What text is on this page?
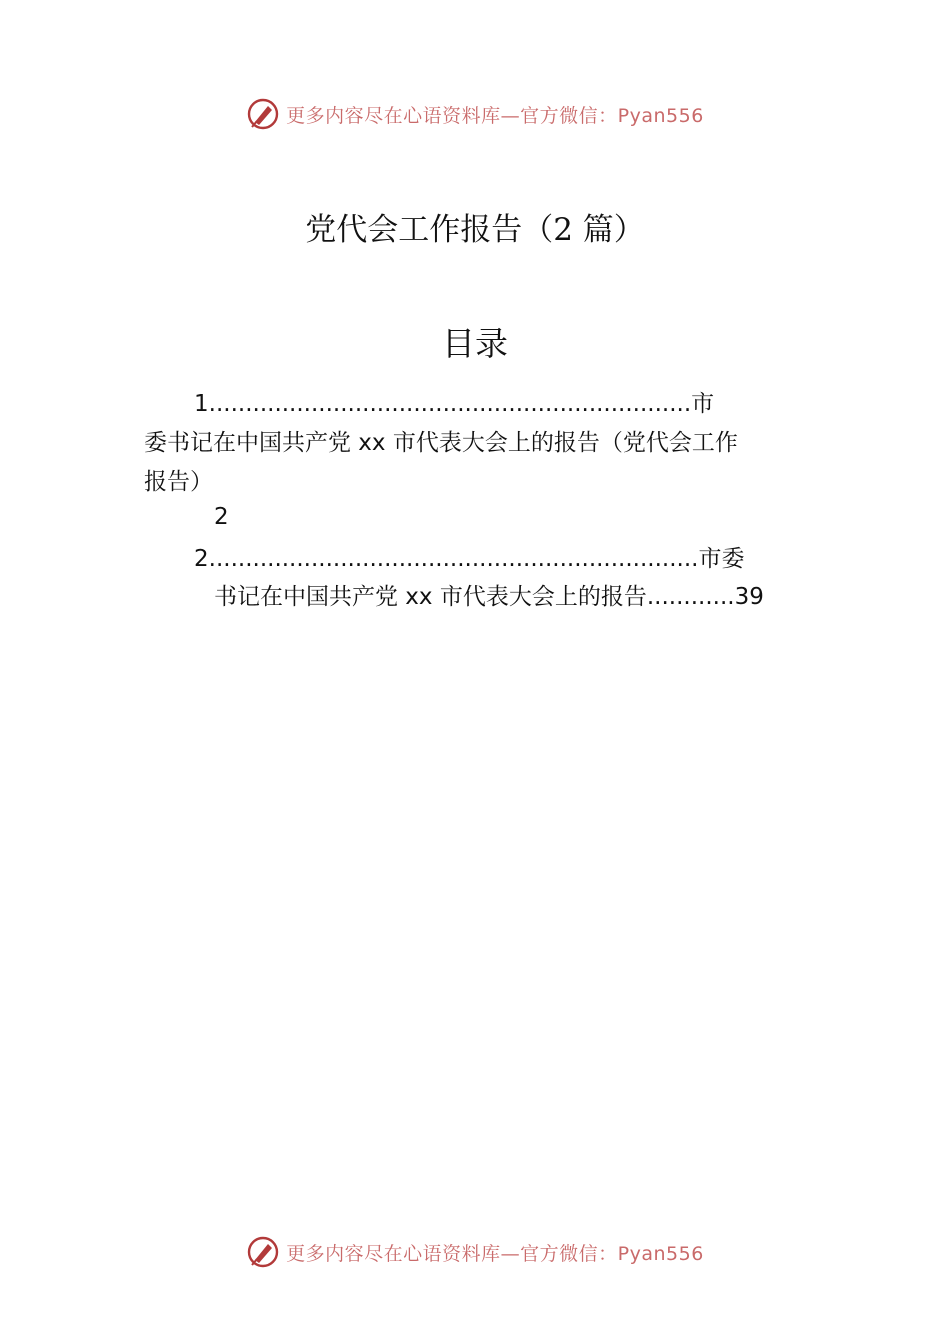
更多内容尽在心语资料库—官方微信：Pyan556
党代会工作报告（2 篇）
目录
1..................................................................市
委书记在中国共产党 xx 市代表大会上的报告（党代会工作
报告）
2
2...................................................................市委
书记在中国共产党 xx 市代表大会上的报告............39
更多内容尽在心语资料库—官方微信：Pyan556
